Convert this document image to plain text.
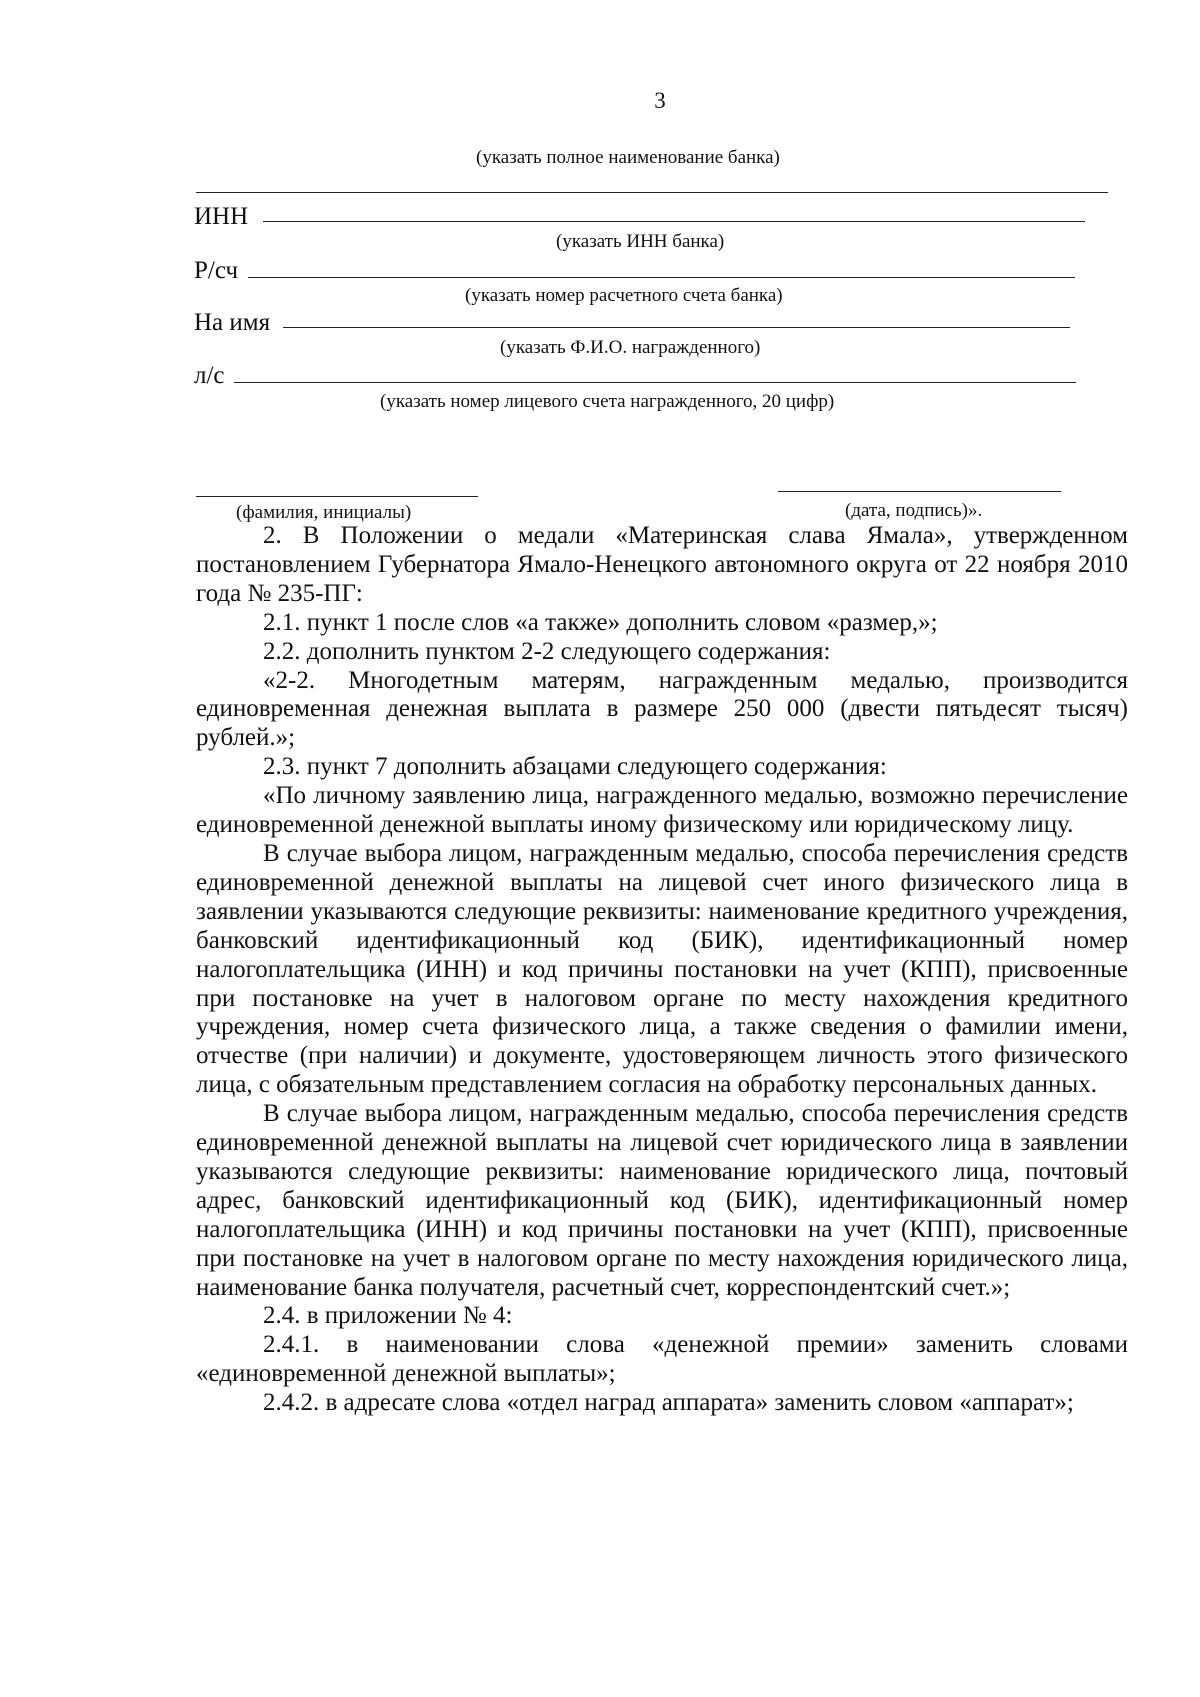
3
(указать полное наименование банка)
ИНН
(указать ИНН банка)
Р/сч
(указать номер расчетного счета банка)
На имя
(указать Ф.И.О. награжденного)
л/с
(указать номер лицевого счета награжденного, 20 цифр)
(фамилия, инициалы)	(дата, подпись)».

2. В Положении о медали «Материнская слава Ямала», утвержденном постановлением Губернатора Ямало-Ненецкого автономного округа от 22 ноября 2010 года № 235-ПГ:

2.1. пункт 1 после слов «а также» дополнить словом «размер,»;

2.2. дополнить пунктом 2-2 следующего содержания:

«2-2. Многодетным матерям, награжденным медалью, производится единовременная денежная выплата в размере 250 000 (двести пятьдесят тысяч) рублей.»;

2.3. пункт 7 дополнить абзацами следующего содержания:

«По личному заявлению лица, награжденного медалью, возможно перечисление единовременной денежной выплаты иному физическому или юридическому лицу.

В случае выбора лицом, награжденным медалью, способа перечисления средств единовременной денежной выплаты на лицевой счет иного физического лица в заявлении указываются следующие реквизиты: наименование кредитного учреждения, банковский идентификационный код (БИК), идентификационный номер налогоплательщика (ИНН) и код причины постановки на учет (КПП), присвоенные при постановке на учет в налоговом органе по месту нахождения кредитного учреждения, номер счета физического лица, а также сведения о фамилии имени, отчестве (при наличии) и документе, удостоверяющем личность этого физического лица, с обязательным представлением согласия на обработку персональных данных.

В случае выбора лицом, награжденным медалью, способа перечисления средств единовременной денежной выплаты на лицевой счет юридического лица в заявлении указываются следующие реквизиты: наименование юридического лица, почтовый адрес, банковский идентификационный код (БИК), идентификационный номер налогоплательщика (ИНН) и код причины постановки на учет (КПП), присвоенные при постановке на учет в налоговом органе по месту нахождения юридического лица, наименование банка получателя, расчетный счет, корреспондентский счет.»;

2.4. в приложении № 4:

2.4.1. в наименовании слова «денежной премии» заменить словами «единовременной денежной выплаты»;

2.4.2. в адресате слова «отдел наград аппарата» заменить словом «аппарат»;
